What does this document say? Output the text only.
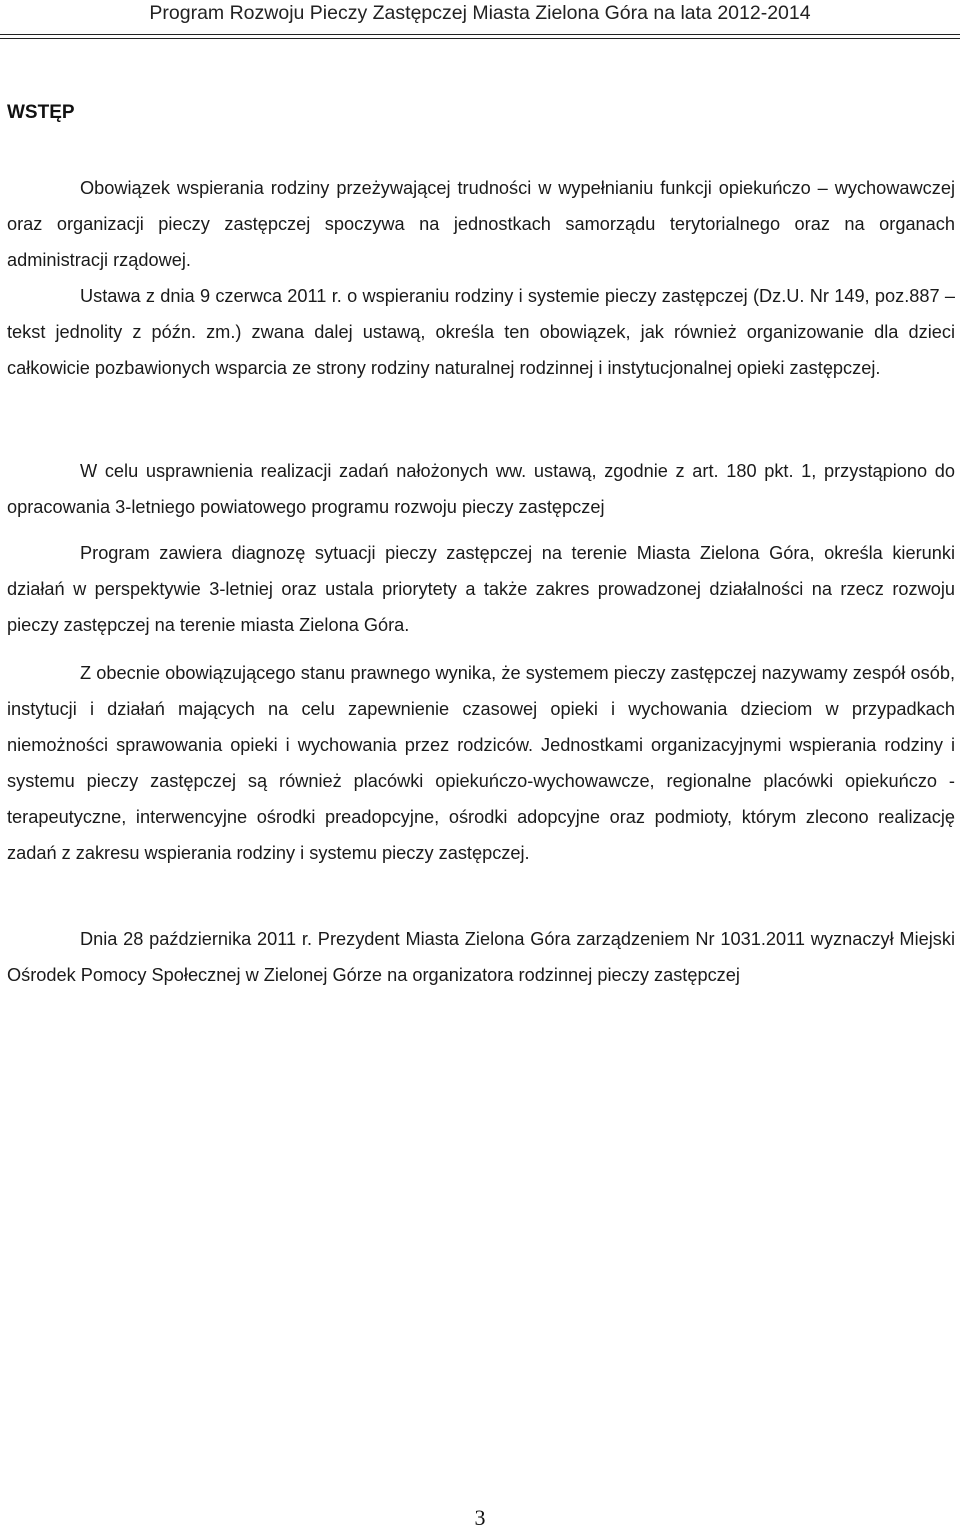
Program Rozwoju Pieczy Zastępczej Miasta Zielona Góra na lata 2012-2014
WSTĘP

Obowiązek wspierania rodziny przeżywającej trudności w wypełnianiu funkcji opiekuńczo – wychowawczej oraz organizacji pieczy zastępczej spoczywa na jednostkach samorządu terytorialnego oraz na organach administracji rządowej.

Ustawa z dnia 9 czerwca 2011 r. o wspieraniu rodziny i systemie pieczy zastępczej (Dz.U. Nr 149, poz.887 – tekst jednolity z późn. zm.) zwana dalej ustawą, określa ten obowiązek, jak również organizowanie dla dzieci całkowicie pozbawionych wsparcia ze strony rodziny naturalnej rodzinnej i instytucjonalnej opieki zastępczej.

W celu usprawnienia realizacji zadań nałożonych ww. ustawą, zgodnie z art. 180 pkt. 1, przystąpiono do opracowania 3-letniego powiatowego programu rozwoju pieczy zastępczej

Program zawiera diagnozę sytuacji pieczy zastępczej na terenie Miasta Zielona Góra, określa kierunki działań w perspektywie 3-letniej oraz ustala priorytety a także zakres prowadzonej działalności na rzecz rozwoju pieczy zastępczej na terenie miasta Zielona Góra.

Z obecnie obowiązującego stanu prawnego wynika, że systemem pieczy zastępczej nazywamy zespół osób, instytucji i działań mających na celu zapewnienie czasowej opieki i wychowania dzieciom w przypadkach niemożności sprawowania opieki i wychowania przez rodziców. Jednostkami organizacyjnymi wspierania rodziny i systemu pieczy zastępczej są również placówki opiekuńczo-wychowawcze, regionalne placówki opiekuńczo -terapeutyczne, interwencyjne ośrodki preadopcyjne, ośrodki adopcyjne oraz podmioty, którym zlecono realizację zadań z zakresu wspierania rodziny i systemu pieczy zastępczej.

Dnia 28 października 2011 r. Prezydent Miasta Zielona Góra zarządzeniem Nr 1031.2011 wyznaczył Miejski Ośrodek Pomocy Społecznej w Zielonej Górze na organizatora rodzinnej pieczy zastępczej

3
